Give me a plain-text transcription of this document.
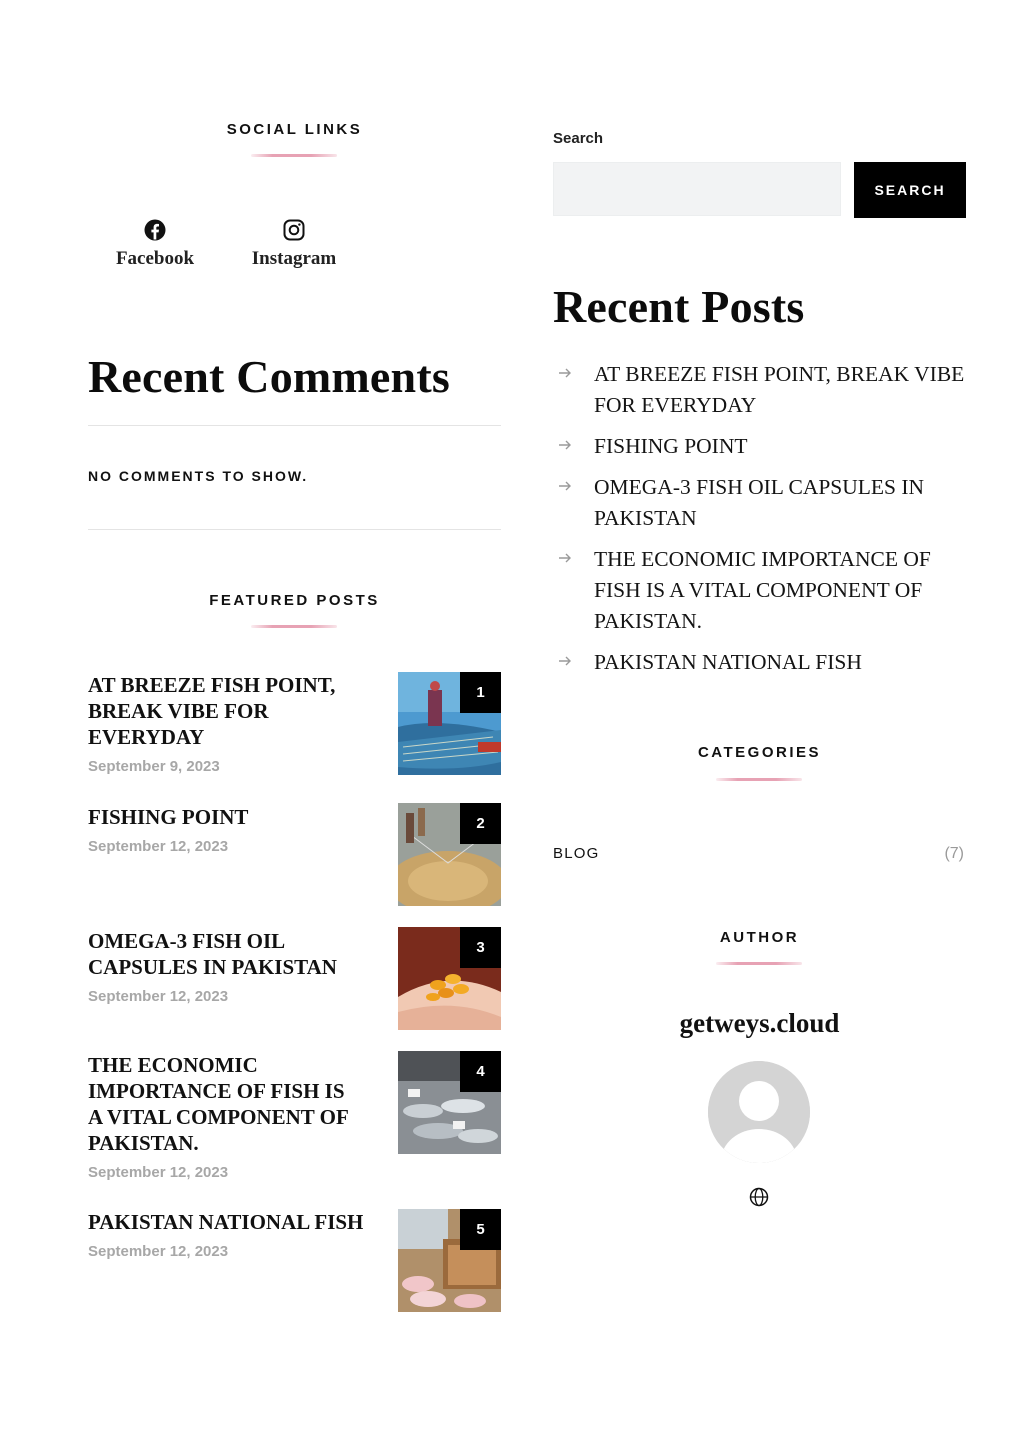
SOCIAL LINKS
Facebook	Instagram
Recent Comments
NO COMMENTS TO SHOW.
FEATURED POSTS
AT BREEZE FISH POINT, BREAK VIBE FOR EVERYDAY
September 9, 2023
1
FISHING POINT
September 12, 2023
2
OMEGA-3 FISH OIL CAPSULES IN PAKISTAN
September 12, 2023
3
THE ECONOMIC IMPORTANCE OF FISH IS A VITAL COMPONENT OF PAKISTAN.
September 12, 2023
4
PAKISTAN NATIONAL FISH
September 12, 2023
5
Search
SEARCH
Recent Posts
AT BREEZE FISH POINT, BREAK VIBE FOR EVERYDAY
FISHING POINT
OMEGA-3 FISH OIL CAPSULES IN PAKISTAN
THE ECONOMIC IMPORTANCE OF FISH IS A VITAL COMPONENT OF PAKISTAN.
PAKISTAN NATIONAL FISH
CATEGORIES
BLOG	(7)
AUTHOR
getweys.cloud
